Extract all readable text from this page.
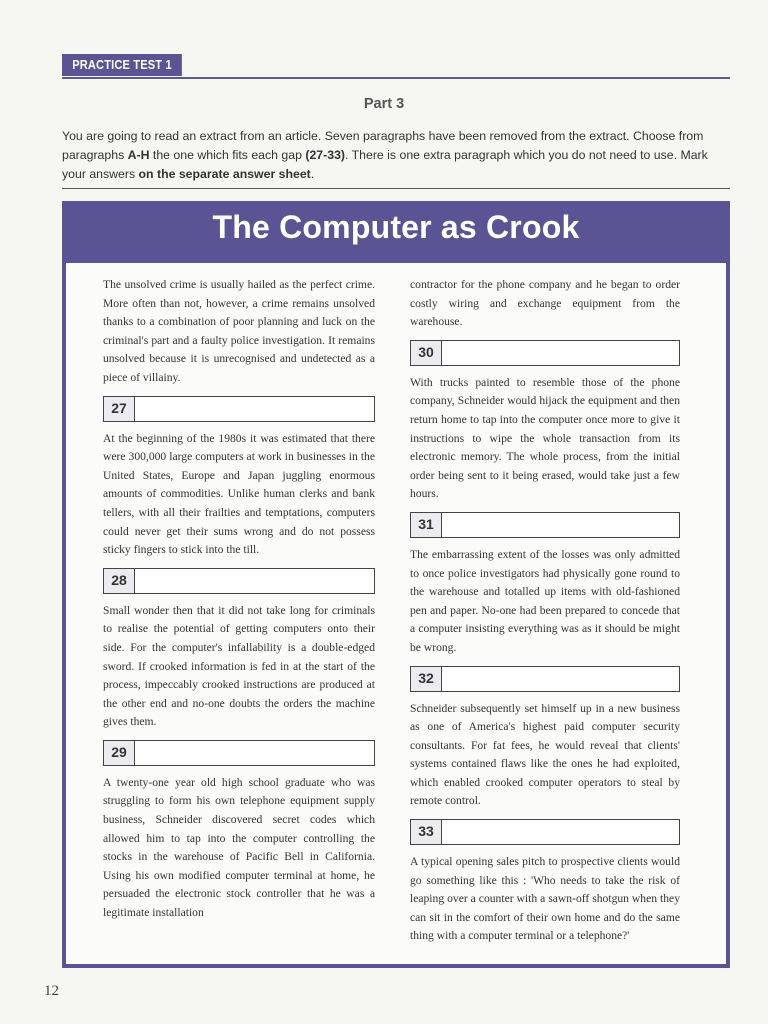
PRACTICE TEST 1
Part 3
You are going to read an extract from an article. Seven paragraphs have been removed from the extract. Choose from paragraphs A-H the one which fits each gap (27-33). There is one extra paragraph which you do not need to use. Mark your answers on the separate answer sheet.
The Computer as Crook

The unsolved crime is usually hailed as the perfect crime. More often than not, however, a crime remains unsolved thanks to a combination of poor planning and luck on the criminal's part and a faulty police investigation. It remains unsolved because it is unrecognised and undetected as a piece of villainy.

27

At the beginning of the 1980s it was estimated that there were 300,000 large computers at work in businesses in the United States, Europe and Japan juggling enormous amounts of commodities. Unlike human clerks and bank tellers, with all their frailties and temptations, computers could never get their sums wrong and do not possess sticky fingers to stick into the till.

28

Small wonder then that it did not take long for criminals to realise the potential of getting computers onto their side. For the computer's infallability is a double-edged sword. If crooked information is fed in at the start of the process, impeccably crooked instructions are produced at the other end and no-one doubts the orders the machine gives them.

29

A twenty-one year old high school graduate who was struggling to form his own telephone equipment supply business, Schneider discovered secret codes which allowed him to tap into the computer controlling the stocks in the warehouse of Pacific Bell in California. Using his own modified computer terminal at home, he persuaded the electronic stock controller that he was a legitimate installation

contractor for the phone company and he began to order costly wiring and exchange equipment from the warehouse.

30

With trucks painted to resemble those of the phone company, Schneider would hijack the equipment and then return home to tap into the computer once more to give it instructions to wipe the whole transaction from its electronic memory. The whole process, from the initial order being sent to it being erased, would take just a few hours.

31

The embarrassing extent of the losses was only admitted to once police investigators had physically gone round to the warehouse and totalled up items with old-fashioned pen and paper. No-one had been prepared to concede that a computer insisting everything was as it should be might be wrong.

32

Schneider subsequently set himself up in a new business as one of America's highest paid computer security consultants. For fat fees, he would reveal that clients' systems contained flaws like the ones he had exploited, which enabled crooked computer operators to steal by remote control.

33

A typical opening sales pitch to prospective clients would go something like this : 'Who needs to take the risk of leaping over a counter with a sawn-off shotgun when they can sit in the comfort of their own home and do the same thing with a computer terminal or a telephone?'

12
